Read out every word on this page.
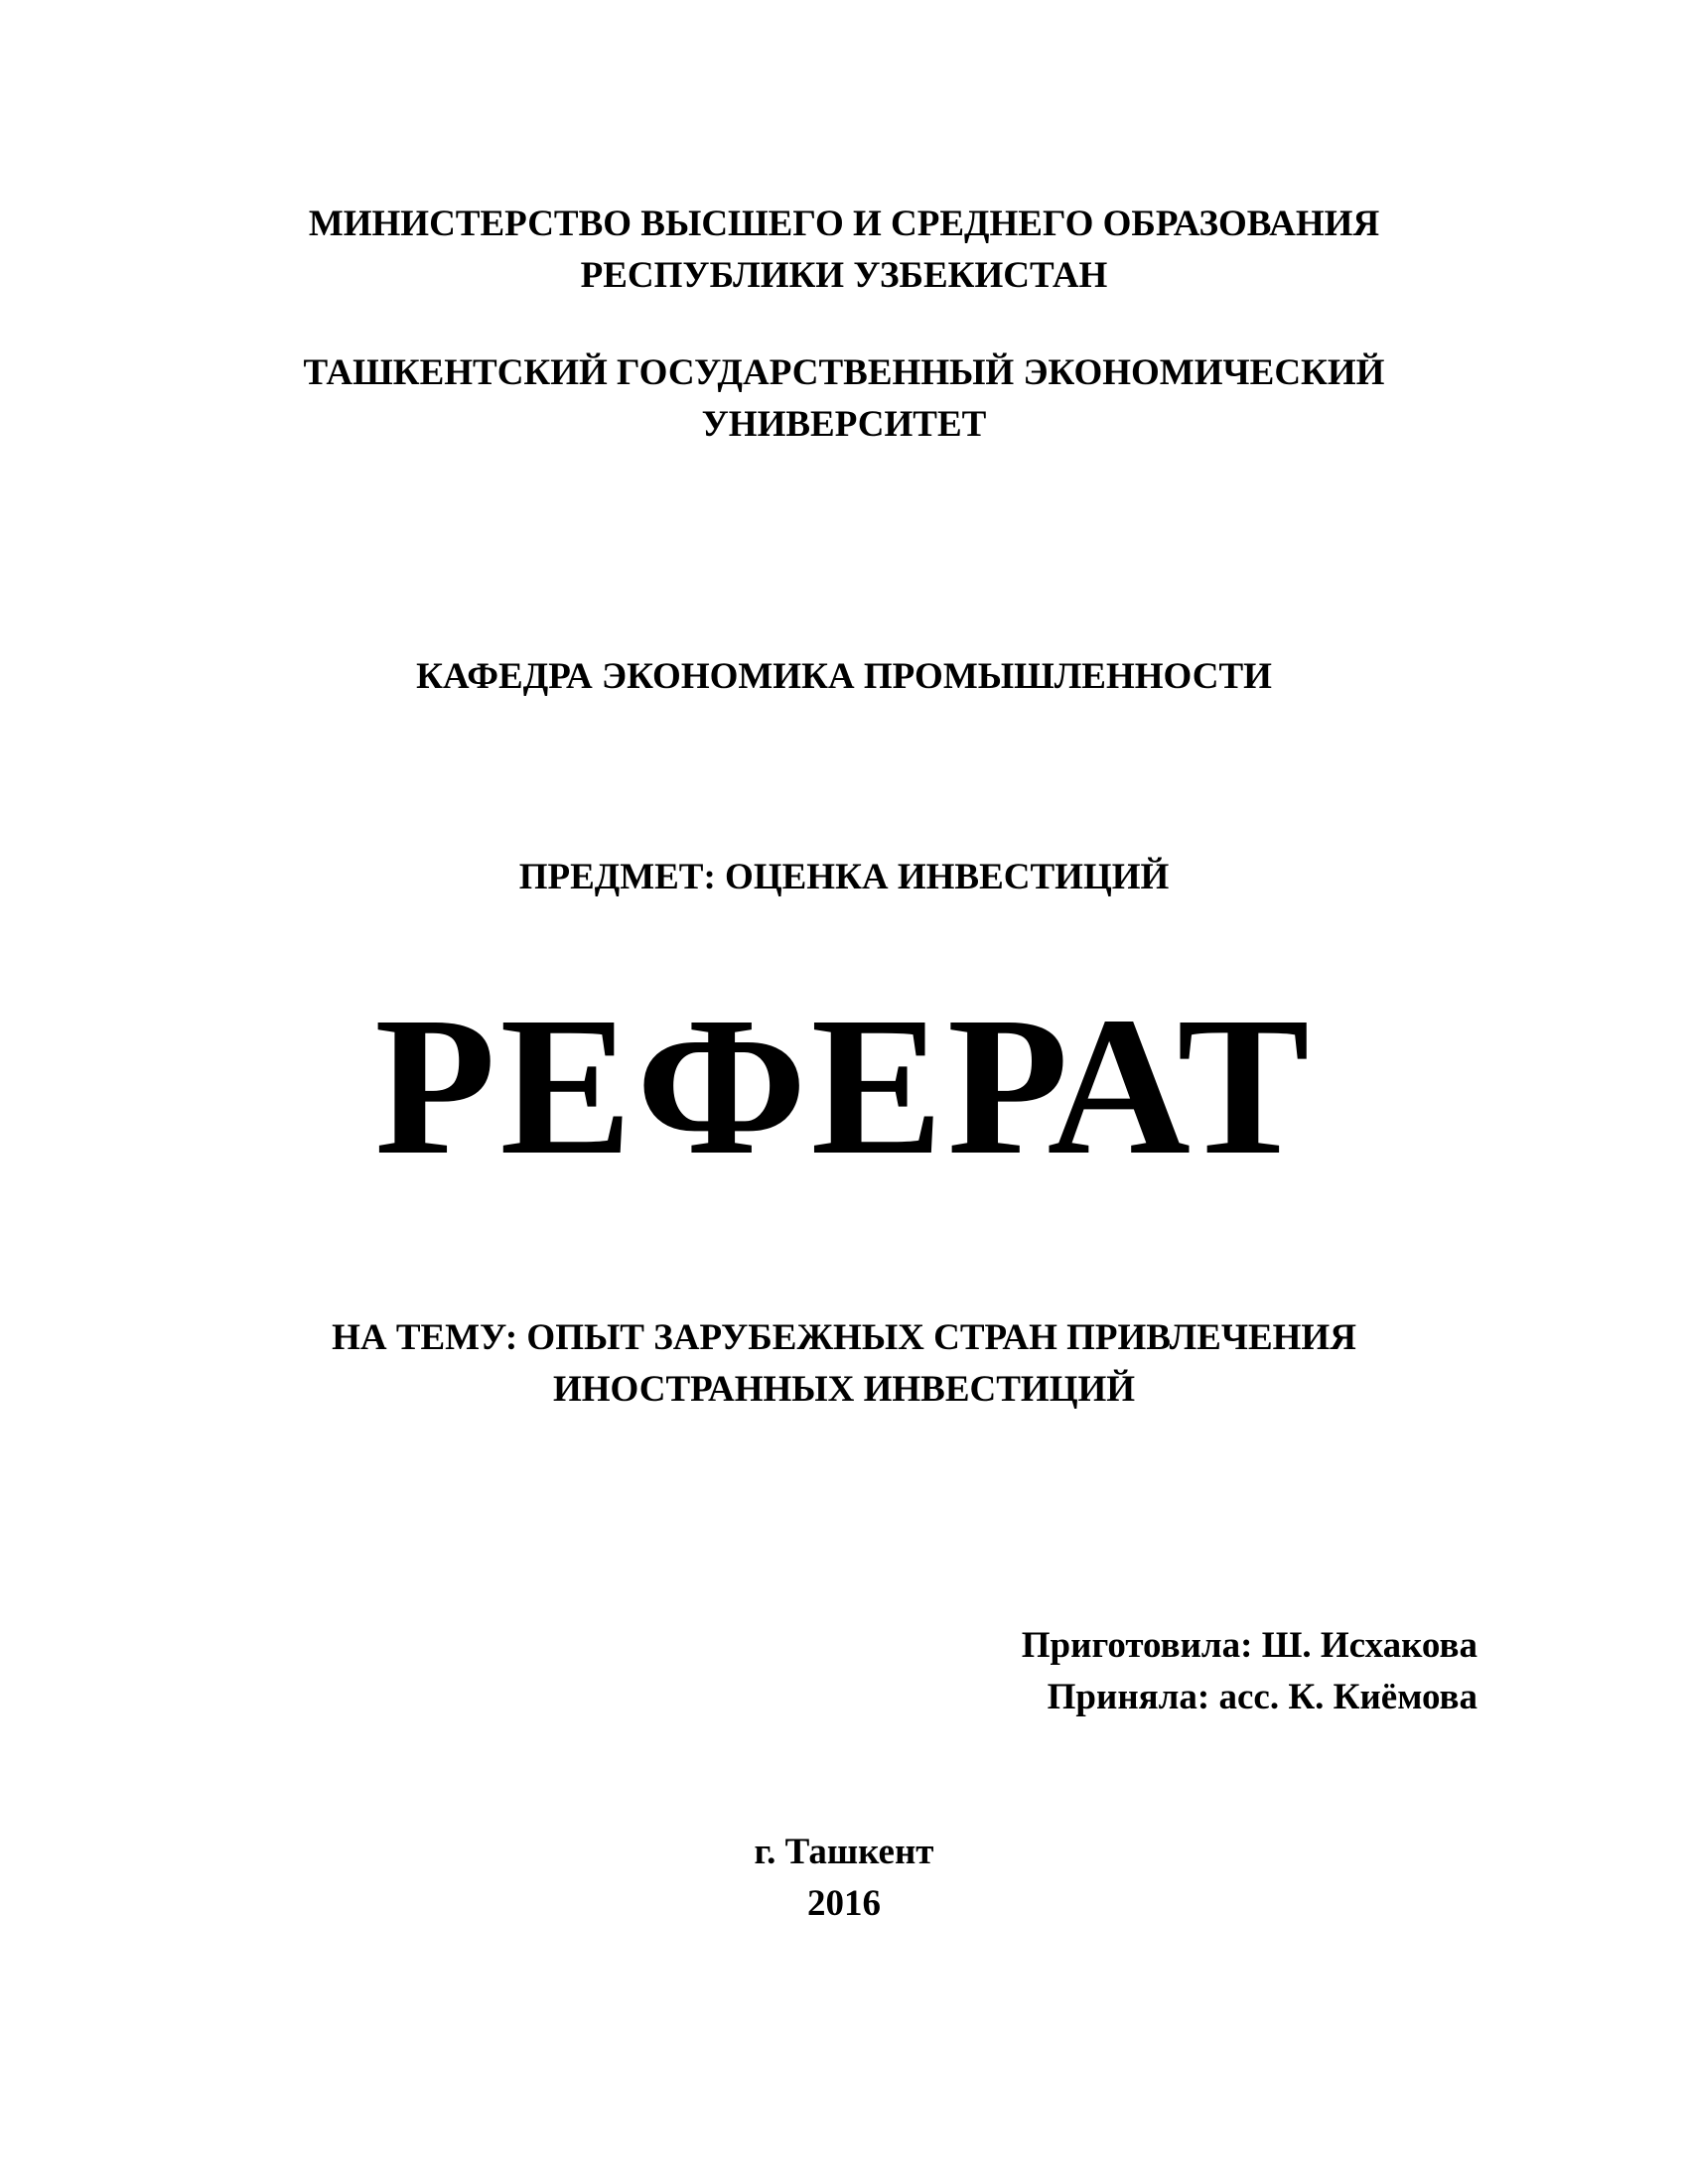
МИНИСТЕРСТВО ВЫСШЕГО И СРЕДНЕГО ОБРАЗОВАНИЯ
РЕСПУБЛИКИ УЗБЕКИСТАН
ТАШКЕНТСКИЙ ГОСУДАРСТВЕННЫЙ ЭКОНОМИЧЕСКИЙ
УНИВЕРСИТЕТ
КАФЕДРА ЭКОНОМИКА ПРОМЫШЛЕННОСТИ
ПРЕДМЕТ: ОЦЕНКА ИНВЕСТИЦИЙ
РЕФЕРАТ
НА ТЕМУ: ОПЫТ ЗАРУБЕЖНЫХ СТРАН ПРИВЛЕЧЕНИЯ
ИНОСТРАННЫХ ИНВЕСТИЦИЙ
Приготовила: Ш. Исхакова
Приняла: асс. К. Киёмова
г. Ташкент
2016
